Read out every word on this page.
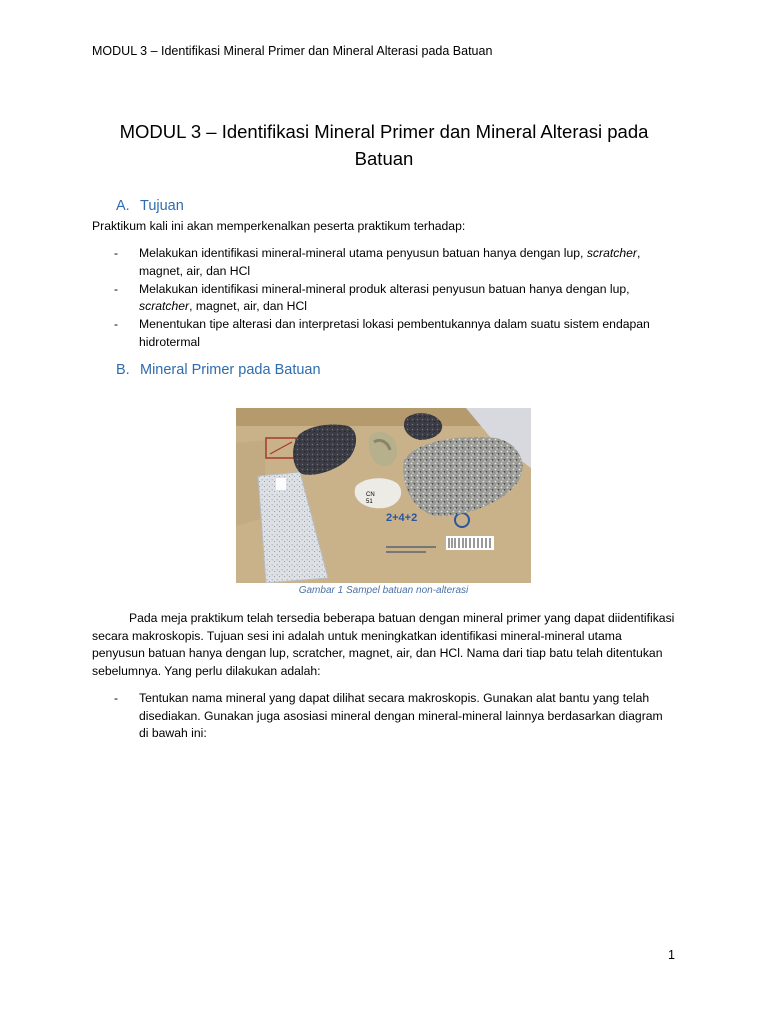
MODUL 3 – Identifikasi Mineral Primer dan Mineral Alterasi pada Batuan
MODUL 3 – Identifikasi Mineral Primer dan Mineral Alterasi pada Batuan
A. Tujuan
Praktikum kali ini akan memperkenalkan peserta praktikum terhadap:
- Melakukan identifikasi mineral-mineral utama penyusun batuan hanya dengan lup, scratcher, magnet, air, dan HCl
- Melakukan identifikasi mineral-mineral produk alterasi penyusun batuan hanya dengan lup, scratcher, magnet, air, dan HCl
- Menentukan tipe alterasi dan interpretasi lokasi pembentukannya dalam suatu sistem endapan hidrotermal
B. Mineral Primer pada Batuan
2+4+2
CN
51
Gambar 1 Sampel batuan non-alterasi
Pada meja praktikum telah tersedia beberapa batuan dengan mineral primer yang dapat diidentifikasi secara makroskopis. Tujuan sesi ini adalah untuk meningkatkan identifikasi mineral-mineral utama penyusun batuan hanya dengan lup, scratcher, magnet, air, dan HCl. Nama dari tiap batu telah ditentukan sebelumnya. Yang perlu dilakukan adalah:
- Tentukan nama mineral yang dapat dilihat secara makroskopis. Gunakan alat bantu yang telah disediakan. Gunakan juga asosiasi mineral dengan mineral-mineral lainnya berdasarkan diagram di bawah ini:
1
